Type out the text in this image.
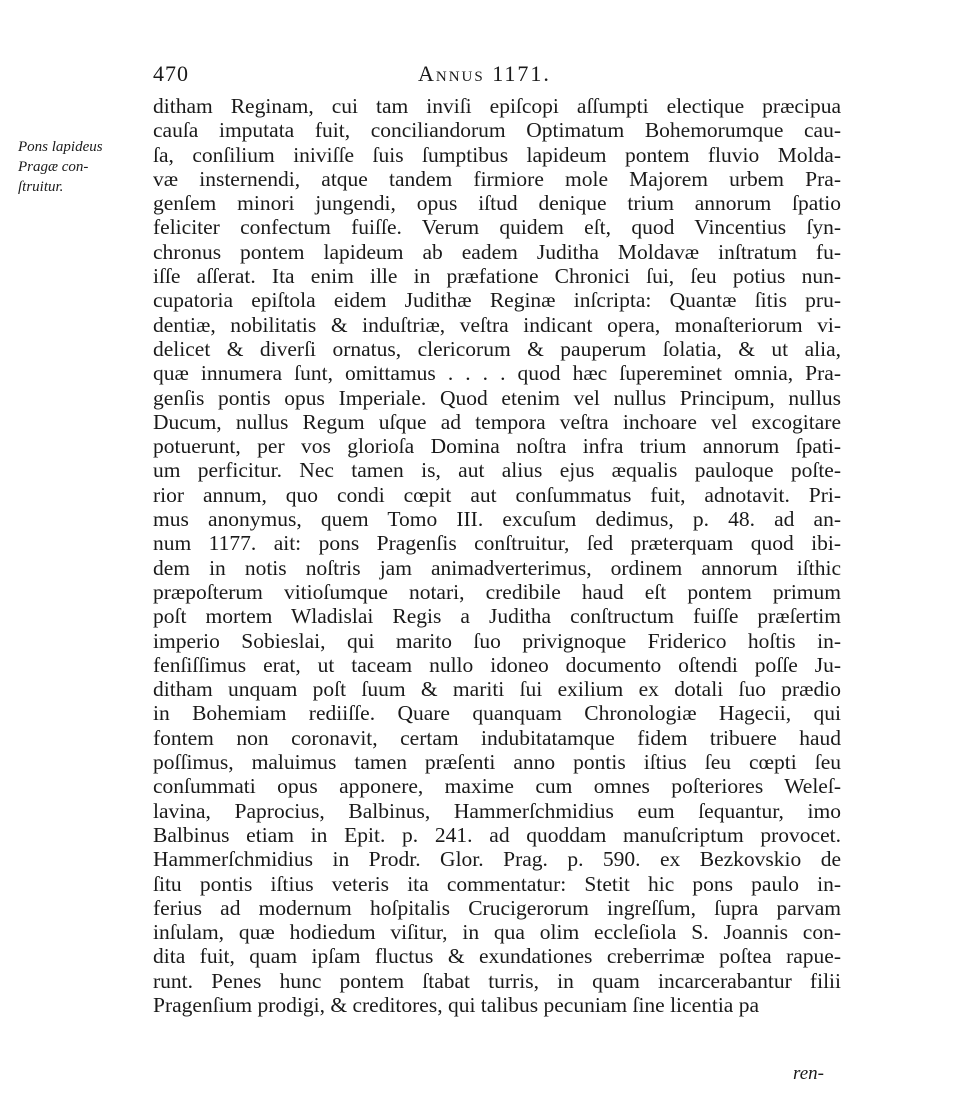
470	Annus 1171.
Pons lapideus
Pragæ con-
ſtruitur.
ditham Reginam, cui tam inviſi epiſcopi aſſumpti electique præcipua
cauſa imputata fuit, conciliandorum Optimatum Bohemorumque cau-
ſa, conſilium iniviſſe ſuis ſumptibus lapideum pontem fluvio Molda-
væ insternendi, atque tandem firmiore mole Majorem urbem Pra-
genſem minori jungendi, opus iſtud denique trium annorum ſpatio
feliciter confectum fuiſſe. Verum quidem eſt, quod Vincentius ſyn-
chronus pontem lapideum ab eadem Juditha Moldavæ inſtratum fu-
iſſe aſſerat. Ita enim ille in præfatione Chronici ſui, ſeu potius nun-
cupatoria epiſtola eidem Judithæ Reginæ inſcripta: Quantæ ſitis pru-
dentiæ, nobilitatis & induſtriæ, veſtra indicant opera, monaſteriorum vi-
delicet & diverſi ornatus, clericorum & pauperum ſolatia, & ut alia,
quæ innumera ſunt, omittamus . . . . quod hæc ſupereminet omnia, Pra-
genſis pontis opus Imperiale. Quod etenim vel nullus Principum, nullus
Ducum, nullus Regum uſque ad tempora veſtra inchoare vel excogitare
potuerunt, per vos glorioſa Domina noſtra infra trium annorum ſpati-
um perficitur. Nec tamen is, aut alius ejus æqualis pauloque poſte-
rior annum, quo condi cœpit aut conſummatus fuit, adnotavit. Pri-
mus anonymus, quem Tomo III. excuſum dedimus, p. 48. ad an-
num 1177. ait: pons Pragenſis conſtruitur, ſed præterquam quod ibi-
dem in notis noſtris jam animadverterimus, ordinem annorum iſthic
præpoſterum vitioſumque notari, credibile haud eſt pontem primum
poſt mortem Wladislai Regis a Juditha conſtructum fuiſſe præſertim
imperio Sobieslai, qui marito ſuo privignoque Friderico hoſtis in-
fenſiſſimus erat, ut taceam nullo idoneo documento oſtendi poſſe Ju-
ditham unquam poſt ſuum & mariti ſui exilium ex dotali ſuo prædio
in Bohemiam rediiſſe. Quare quanquam Chronologiæ Hagecii, qui
fontem non coronavit, certam indubitatamque fidem tribuere haud
poſſimus, maluimus tamen præſenti anno pontis iſtius ſeu cœpti ſeu
conſummati opus apponere, maxime cum omnes poſteriores Weleſ-
lavina, Paprocius, Balbinus, Hammerſchmidius eum ſequantur, imo
Balbinus etiam in Epit. p. 241. ad quoddam manuſcriptum provocet.
Hammerſchmidius in Prodr. Glor. Prag. p. 590. ex Bezkovskio de
ſitu pontis iſtius veteris ita commentatur: Stetit hic pons paulo in-
ferius ad modernum hoſpitalis Crucigerorum ingreſſum, ſupra parvam
inſulam, quæ hodiedum viſitur, in qua olim eccleſiola S. Joannis con-
dita fuit, quam ipſam fluctus & exundationes creberrimæ poſtea rapue-
runt. Penes hunc pontem ſtabat turris, in quam incarcerabantur filii
Pragenſium prodigi, & creditores, qui talibus pecuniam ſine licentia pa
ren-
